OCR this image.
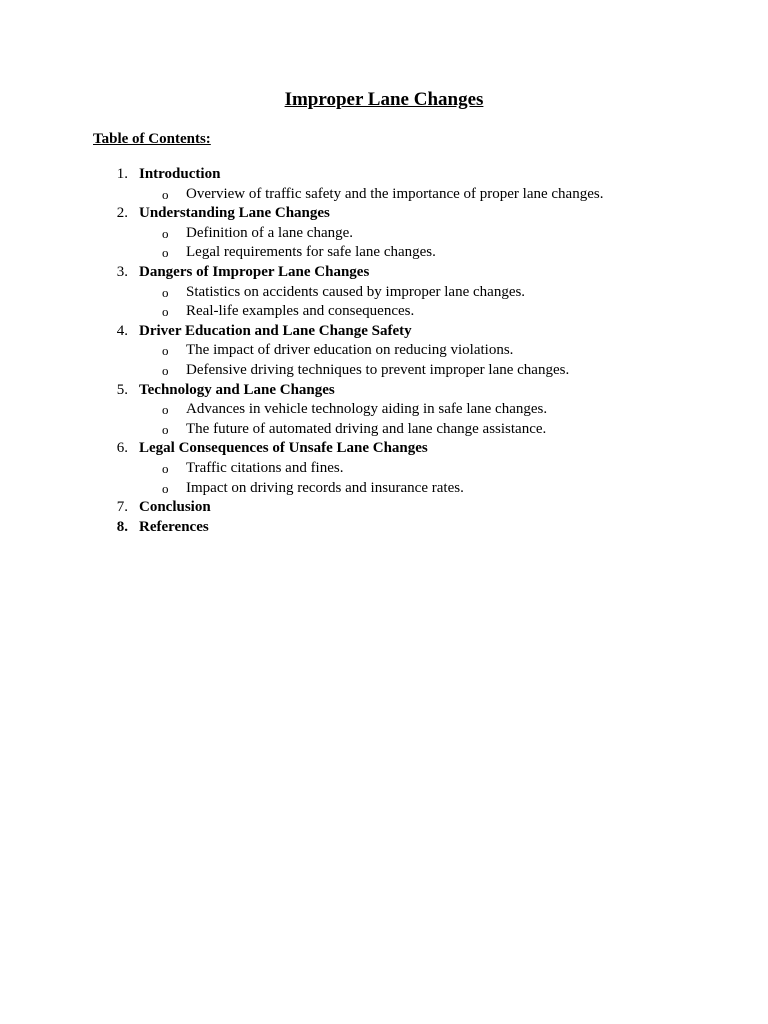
Improper Lane Changes
Table of Contents:
1. Introduction
o Overview of traffic safety and the importance of proper lane changes.
2. Understanding Lane Changes
o Definition of a lane change.
o Legal requirements for safe lane changes.
3. Dangers of Improper Lane Changes
o Statistics on accidents caused by improper lane changes.
o Real-life examples and consequences.
4. Driver Education and Lane Change Safety
o The impact of driver education on reducing violations.
o Defensive driving techniques to prevent improper lane changes.
5. Technology and Lane Changes
o Advances in vehicle technology aiding in safe lane changes.
o The future of automated driving and lane change assistance.
6. Legal Consequences of Unsafe Lane Changes
o Traffic citations and fines.
o Impact on driving records and insurance rates.
7. Conclusion
8. References
